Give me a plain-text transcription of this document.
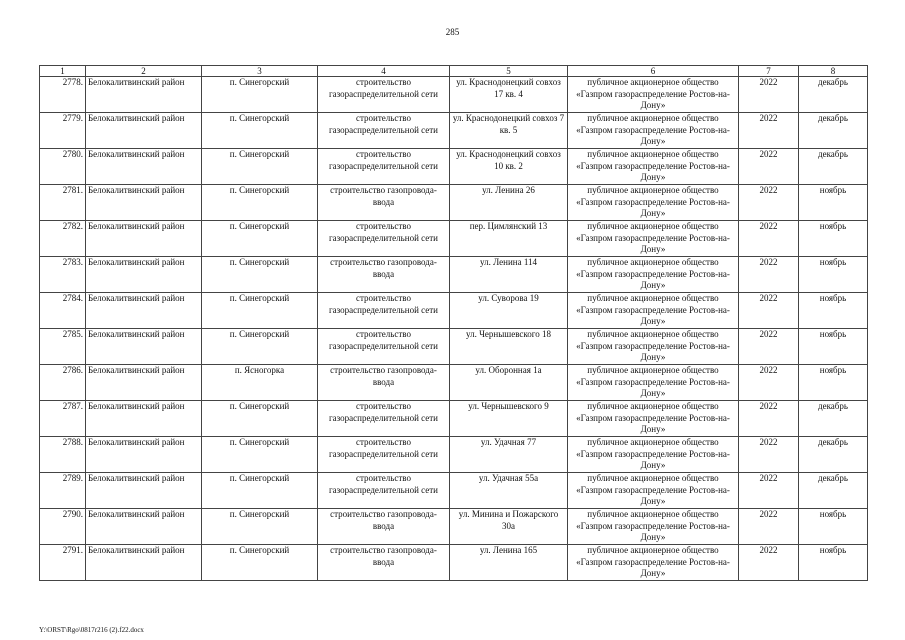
285
1	2	3	4	5	6	7	8
2778.	Белокалитвинский район	п. Синегорский	строительство газораспределительной сети	ул. Краснодонецкий совхоз 17 кв. 4	публичное акционерное общество «Газпром газораспределение Ростов-на-Дону»	2022	декабрь
2779.	Белокалитвинский район	п. Синегорский	строительство газораспределительной сети	ул. Краснодонецкий совхоз 7 кв. 5	публичное акционерное общество «Газпром газораспределение Ростов-на-Дону»	2022	декабрь
2780.	Белокалитвинский район	п. Синегорский	строительство газораспределительной сети	ул. Краснодонецкий совхоз 10 кв. 2	публичное акционерное общество «Газпром газораспределение Ростов-на-Дону»	2022	декабрь
2781.	Белокалитвинский район	п. Синегорский	строительство газопровода-ввода	ул. Ленина 26	публичное акционерное общество «Газпром газораспределение Ростов-на-Дону»	2022	ноябрь
2782.	Белокалитвинский район	п. Синегорский	строительство газораспределительной сети	пер. Цимлянский 13	публичное акционерное общество «Газпром газораспределение Ростов-на-Дону»	2022	ноябрь
2783.	Белокалитвинский район	п. Синегорский	строительство газопровода-ввода	ул. Ленина 114	публичное акционерное общество «Газпром газораспределение Ростов-на-Дону»	2022	ноябрь
2784.	Белокалитвинский район	п. Синегорский	строительство газораспределительной сети	ул. Суворова 19	публичное акционерное общество «Газпром газораспределение Ростов-на-Дону»	2022	ноябрь
2785.	Белокалитвинский район	п. Синегорский	строительство газораспределительной сети	ул. Чернышевского 18	публичное акционерное общество «Газпром газораспределение Ростов-на-Дону»	2022	ноябрь
2786.	Белокалитвинский район	п. Ясногорка	строительство газопровода-ввода	ул. Оборонная 1а	публичное акционерное общество «Газпром газораспределение Ростов-на-Дону»	2022	ноябрь
2787.	Белокалитвинский район	п. Синегорский	строительство газораспределительной сети	ул. Чернышевского 9	публичное акционерное общество «Газпром газораспределение Ростов-на-Дону»	2022	декабрь
2788.	Белокалитвинский район	п. Синегорский	строительство газораспределительной сети	ул. Удачная 77	публичное акционерное общество «Газпром газораспределение Ростов-на-Дону»	2022	декабрь
2789.	Белокалитвинский район	п. Синегорский	строительство газораспределительной сети	ул. Удачная 55а	публичное акционерное общество «Газпром газораспределение Ростов-на-Дону»	2022	декабрь
2790.	Белокалитвинский район	п. Синегорский	строительство газопровода-ввода	ул. Минина и Пожарского 30а	публичное акционерное общество «Газпром газораспределение Ростов-на-Дону»	2022	ноябрь
2791.	Белокалитвинский район	п. Синегорский	строительство газопровода-ввода	ул. Ленина 165	публичное акционерное общество «Газпром газораспределение Ростов-на-Дону»	2022	ноябрь
Y:\ORST\Rgo\0817r216 (2).f22.docx
